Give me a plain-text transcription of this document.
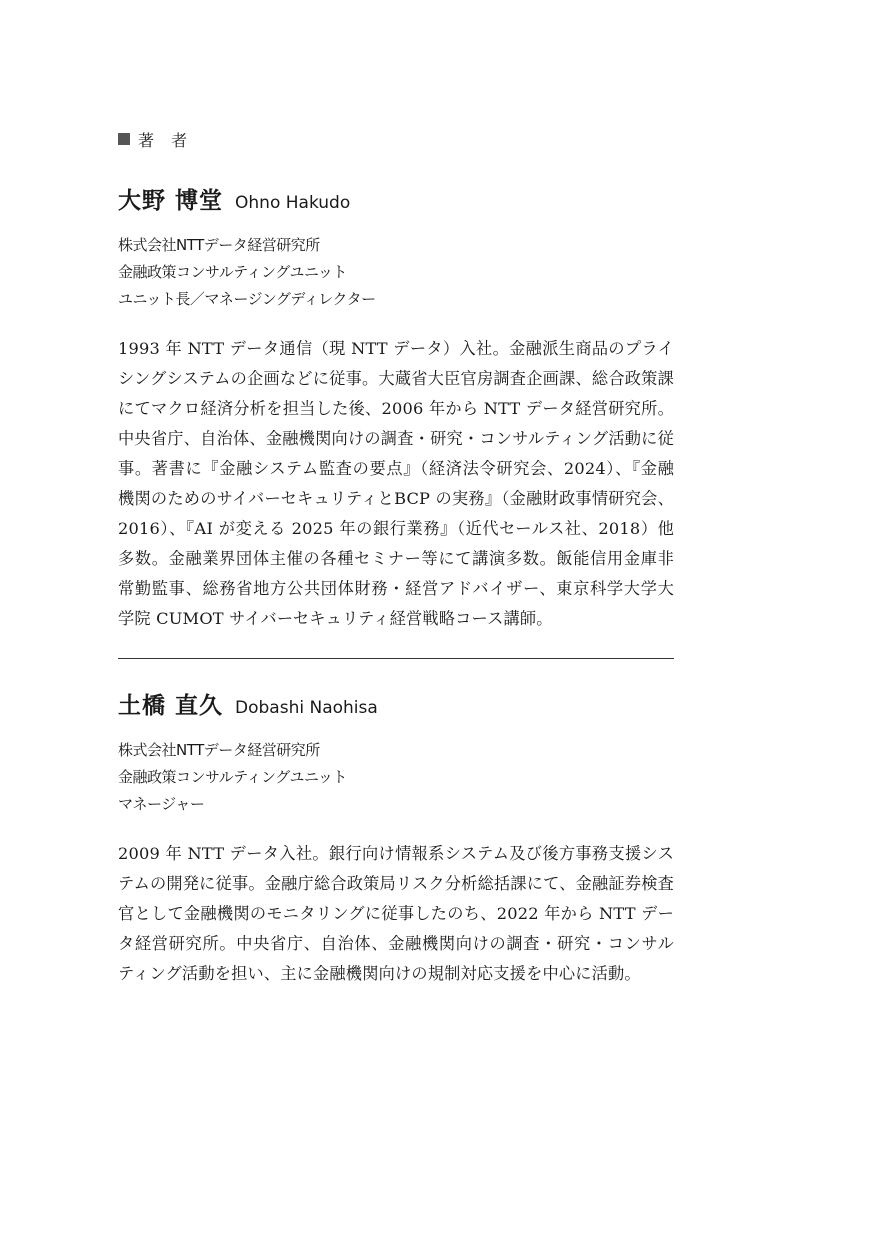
著 者
大野 博堂 Ohno Hakudo
株式会社NTTデータ経営研究所
金融政策コンサルティングユニット
ユニット長／マネージングディレクター
1993 年 NTT データ通信（現 NTT データ）入社。金融派生商品のプライシングシステムの企画などに従事。大蔵省大臣官房調査企画課、総合政策課にてマクロ経済分析を担当した後、2006 年から NTT データ経営研究所。中央省庁、自治体、金融機関向けの調査・研究・コンサルティング活動に従事。著書に『金融システム監査の要点』（経済法令研究会、2024）、『金融機関のためのサイバーセキュリティとBCP の実務』（金融財政事情研究会、2016）、『AI が変える 2025 年の銀行業務』（近代セールス社、2018）他多数。金融業界団体主催の各種セミナー等にて講演多数。飯能信用金庫非常勤監事、総務省地方公共団体財務・経営アドバイザー、東京科学大学大学院 CUMOT サイバーセキュリティ経営戦略コース講師。
土橋 直久 Dobashi Naohisa
株式会社NTTデータ経営研究所
金融政策コンサルティングユニット
マネージャー
2009 年 NTT データ入社。銀行向け情報系システム及び後方事務支援システムの開発に従事。金融庁総合政策局リスク分析総括課にて、金融証券検査官として金融機関のモニタリングに従事したのち、2022 年から NTT データ経営研究所。中央省庁、自治体、金融機関向けの調査・研究・コンサルティング活動を担い、主に金融機関向けの規制対応支援を中心に活動。
